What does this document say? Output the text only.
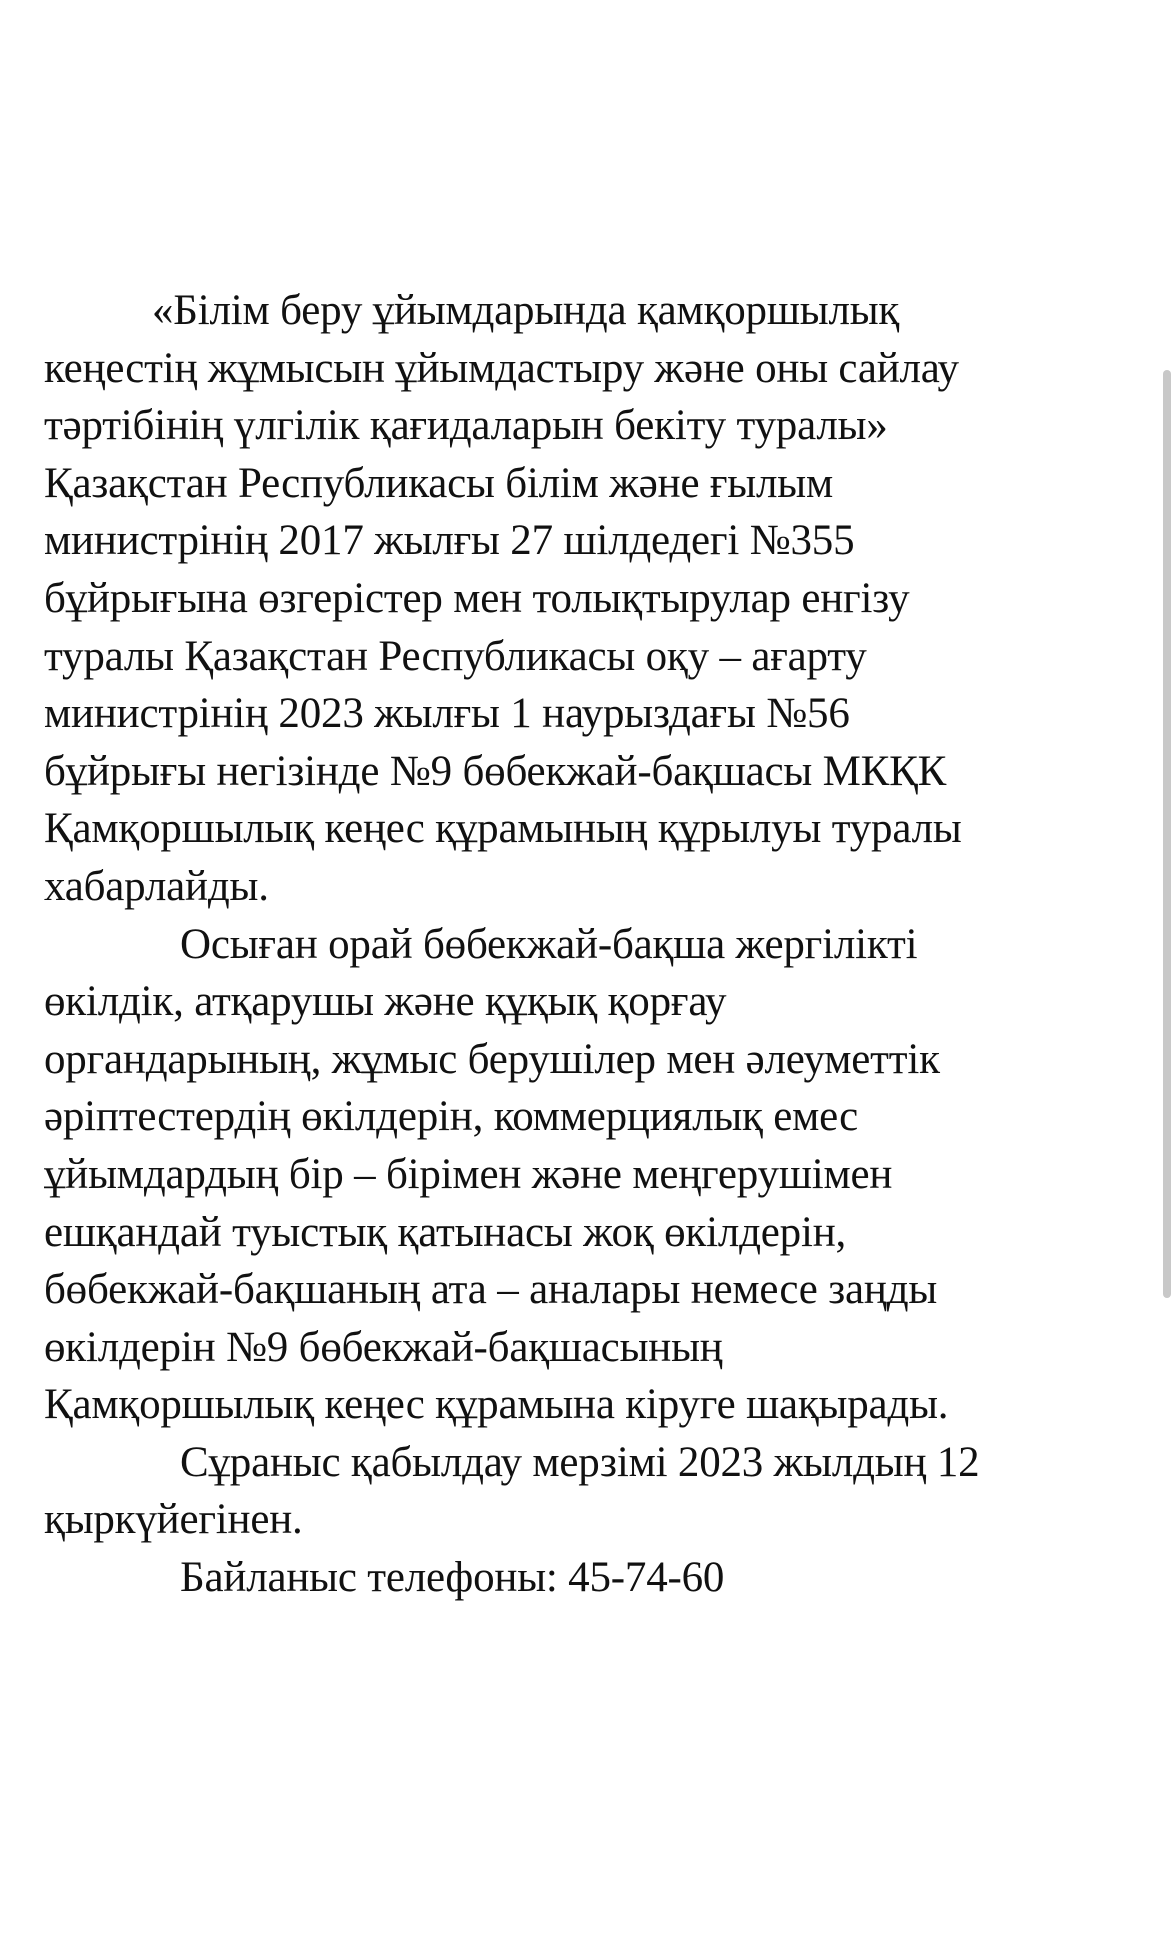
«Білім беру ұйымдарында қамқоршылық

кеңестің жұмысын ұйымдастыру және оны сайлау

тәртібінің үлгілік қағидаларын бекіту туралы»

Қазақстан Республикасы білім және ғылым

министрінің 2017 жылғы 27 шілдедегі №355

бұйрығына өзгерістер мен толықтырулар енгізу

туралы Қазақстан Республикасы оқу – ағарту

министрінің 2023 жылғы 1 наурыздағы №56

бұйрығы негізінде №9 бөбекжай-бақшасы МКҚК

Қамқоршылық кеңес құрамының құрылуы туралы

хабарлайды.

Осыған орай бөбекжай-бақша жергілікті

өкілдік, атқарушы және құқық қорғау

органдарының, жұмыс берушілер мен әлеуметтік

әріптестердің өкілдерін, коммерциялық емес

ұйымдардың бір – бірімен және меңгерушімен

ешқандай туыстық қатынасы жоқ өкілдерін,

бөбекжай-бақшаның ата – аналары немесе заңды

өкілдерін №9 бөбекжай-бақшасының

Қамқоршылық кеңес құрамына кіруге шақырады.

Сұраныс қабылдау мерзімі 2023 жылдың 12

қыркүйегінен.

Байланыс телефоны: 45-74-60
